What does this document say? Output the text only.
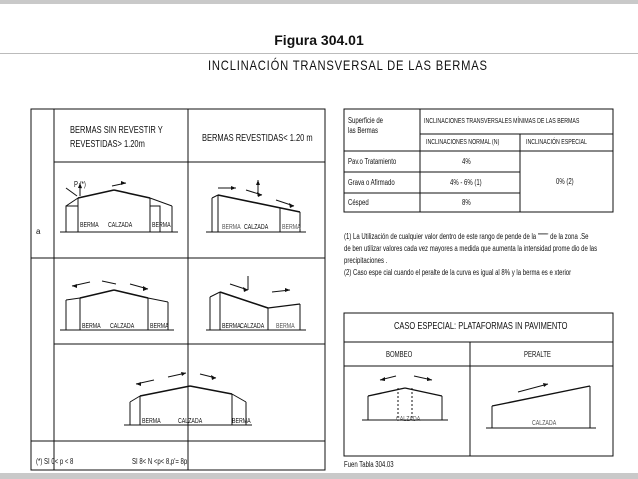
Figura 304.01
INCLINACIÓN TRANSVERSAL DE LAS BERMAS
a
BERMAS SIN REVESTIR Y
REVESTIDAS> 1.20m
BERMAS REVESTIDAS< 1.20 m
P (*)
BERMA CALZADA	BERMA	BERMA CALZADA BERMA
BERMA CALZADA BERMA	BERMA CALZADA BERMA
BERMA CALZADA	BERMA
(*) SI 0< p < 8	SI 8< N <p< 8,p'= 8p
Superficie de
las Bermas
INCLINACIONES TRANSVERSALES MÍNIMAS DE LAS BERMAS
INCLINACIONES NORMAL (N)	INCLINACIÓN ESPECIAL
Pav.o Tratamiento	4%
Grava o Afirmado	4% - 6% (1)
Césped	8%
0% (2)
(1) La Utilización de cualquier valor dentro de este rango de pende de la """"" de la zona .Se
de ben utilizar valores cada vez mayores a medida que aumenta la intensidad prome dio de las
precipitaciones .
(2) Caso espe cial cuando el peralte de la curva es igual al 8% y la berma es e xterior
CASO ESPECIAL: PLATAFORMAS IN PAVIMENTO
BOMBEO	PERALTE
CALZADA
CALZADA
Fuen Tabla 304.03
